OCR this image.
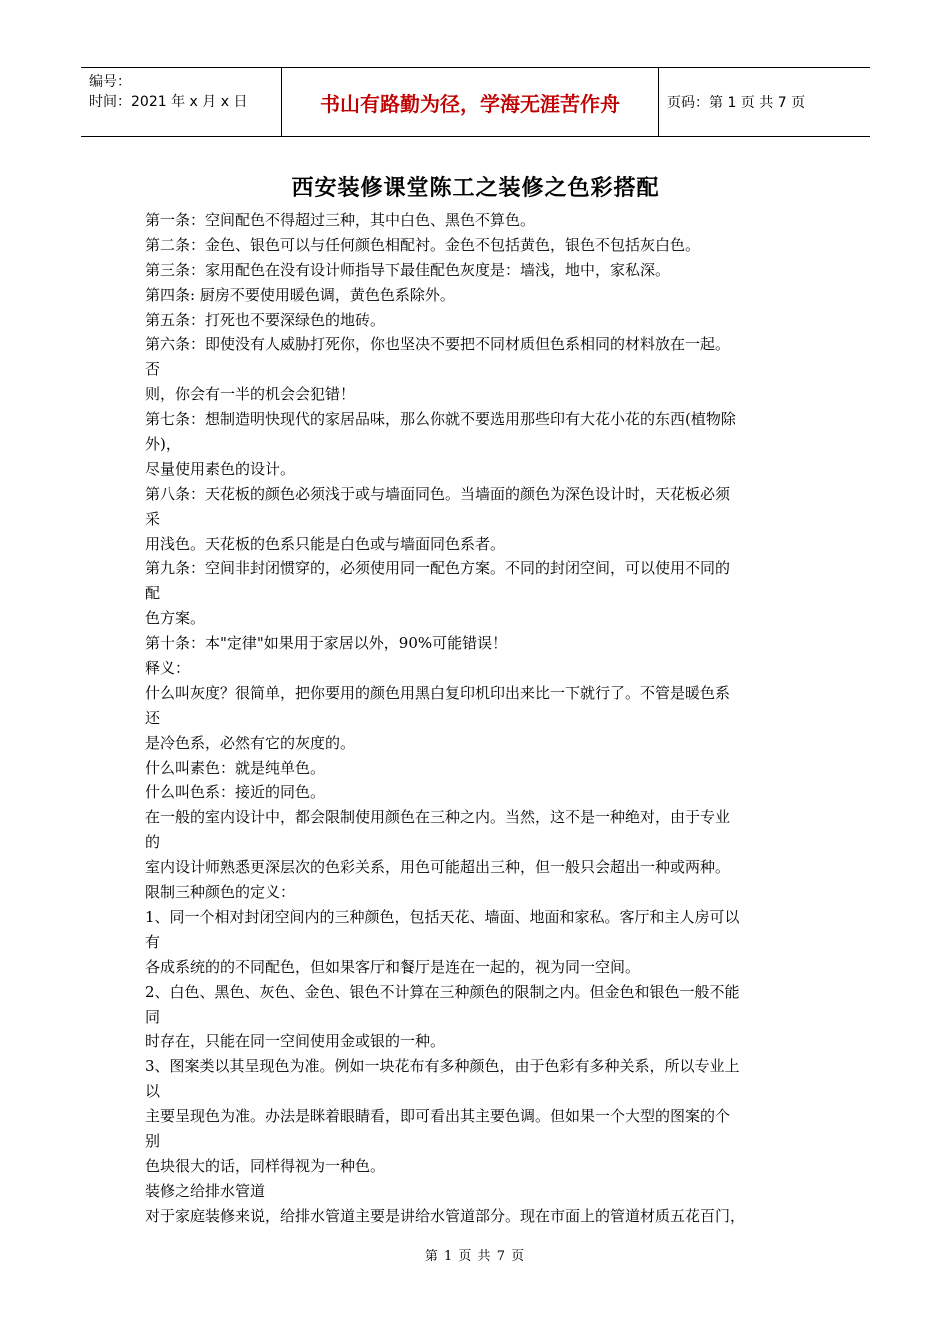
编号：
时间：2021 年 x 月 x 日	书山有路勤为径，学海无涯苦作舟	页码：第 1 页 共 7 页
西安装修课堂陈工之装修之色彩搭配
第一条：空间配色不得超过三种，其中白色、黑色不算色。
第二条：金色、银色可以与任何颜色相配衬。金色不包括黄色，银色不包括灰白色。
第三条：家用配色在没有设计师指导下最佳配色灰度是：墙浅，地中，家私深。
第四条: 厨房不要使用暖色调，黄色色系除外。
第五条：打死也不要深绿色的地砖。
第六条：即使没有人威胁打死你，你也坚决不要把不同材质但色系相同的材料放在一起。
否
则，你会有一半的机会会犯错！
第七条：想制造明快现代的家居品味，那么你就不要选用那些印有大花小花的东西(植物除
外)，
尽量使用素色的设计。
第八条：天花板的颜色必须浅于或与墙面同色。当墙面的颜色为深色设计时，天花板必须
采
用浅色。天花板的色系只能是白色或与墙面同色系者。
第九条：空间非封闭惯穿的，必须使用同一配色方案。不同的封闭空间，可以使用不同的
配
色方案。
第十条：本"定律"如果用于家居以外，90%可能错误！
释义：
什么叫灰度？很简单，把你要用的颜色用黑白复印机印出来比一下就行了。不管是暖色系
还
是冷色系，必然有它的灰度的。
什么叫素色：就是纯单色。
什么叫色系：接近的同色。
在一般的室内设计中，都会限制使用颜色在三种之内。当然，这不是一种绝对，由于专业
的
室内设计师熟悉更深层次的色彩关系，用色可能超出三种，但一般只会超出一种或两种。
限制三种颜色的定义：
1、同一个相对封闭空间内的三种颜色，包括天花、墙面、地面和家私。客厅和主人房可以
有
各成系统的的不同配色，但如果客厅和餐厅是连在一起的，视为同一空间。
2、白色、黑色、灰色、金色、银色不计算在三种颜色的限制之内。但金色和银色一般不能
同
时存在，只能在同一空间使用金或银的一种。
3、图案类以其呈现色为准。例如一块花布有多种颜色，由于色彩有多种关系，所以专业上
以
主要呈现色为准。办法是眯着眼睛看，即可看出其主要色调。但如果一个大型的图案的个
别
色块很大的话，同样得视为一种色。
装修之给排水管道
对于家庭装修来说，给排水管道主要是讲给水管道部分。现在市面上的管道材质五花百门，
第 1 页 共 7 页
